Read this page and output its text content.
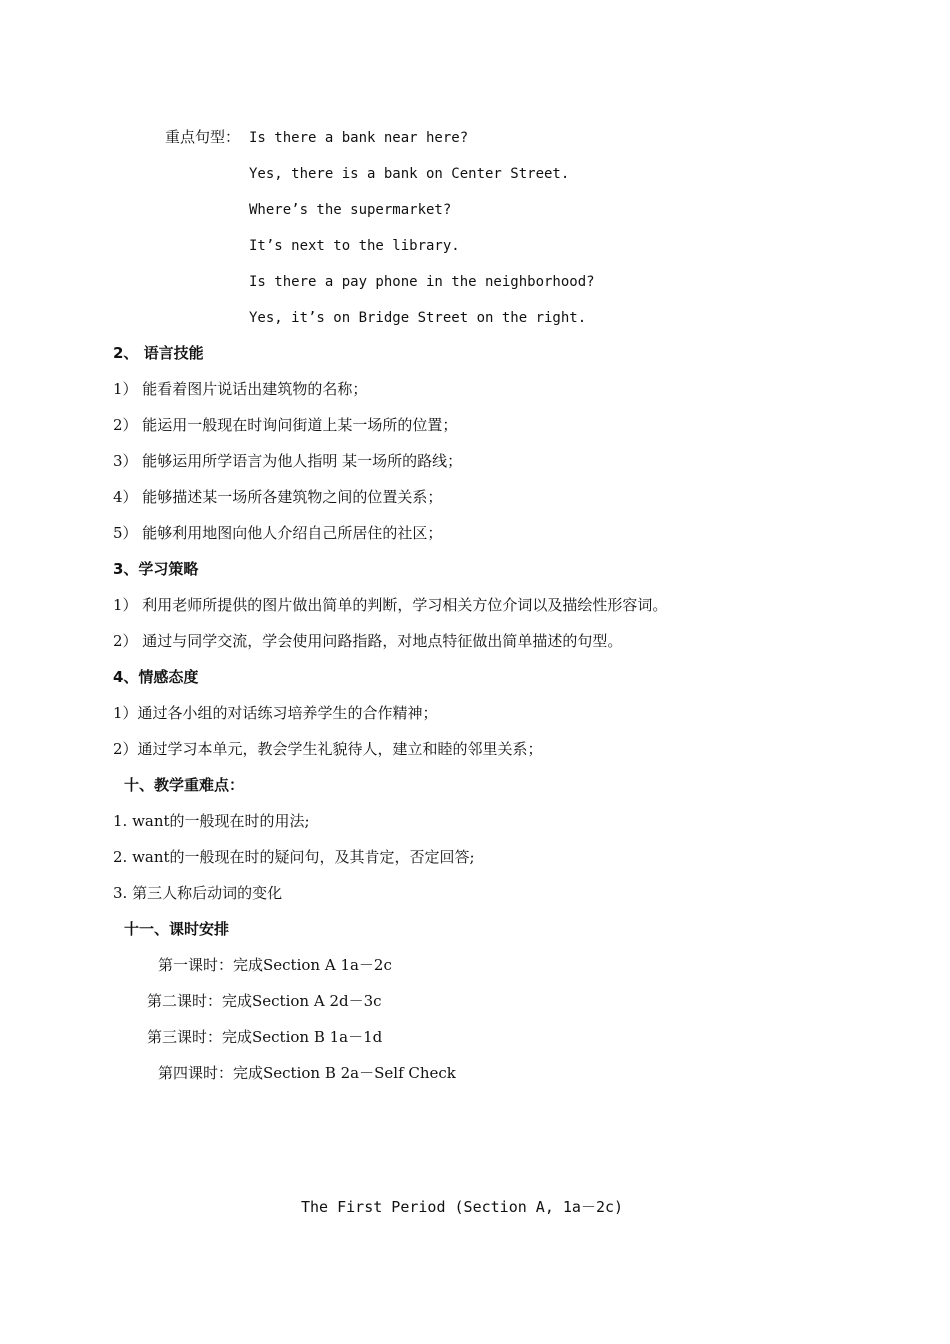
重点句型： Is there a bank near here?
Yes, there is a bank on Center Street.
Where’s the supermarket?
It’s next to the library.
Is there a pay phone in the neighborhood?
Yes, it’s on Bridge Street on the right.
2、 语言技能
1） 能看着图片说话出建筑物的名称；
2） 能运用一般现在时询问街道上某一场所的位置；
3） 能够运用所学语言为他人指明 某一场所的路线；
4） 能够描述某一场所各建筑物之间的位置关系；
5） 能够利用地图向他人介绍自己所居住的社区；
3、学习策略
1） 利用老师所提供的图片做出简单的判断，学习相关方位介词以及描绘性形容词。
2） 通过与同学交流，学会使用问路指路，对地点特征做出简单描述的句型。
4、情感态度
1）通过各小组的对话练习培养学生的合作精神；
2）通过学习本单元，教会学生礼貌待人，建立和睦的邻里关系；
十、教学重难点：
1. want的一般现在时的用法;
2. want的一般现在时的疑问句，及其肯定，否定回答;
3. 第三人称后动词的变化
十一、课时安排
第一课时：完成Section A 1a－2c
第二课时：完成Section A 2d－3c
第三课时：完成Section B 1a－1d
第四课时：完成Section B 2a－Self Check
The First Period (Section A, 1a－2c)
